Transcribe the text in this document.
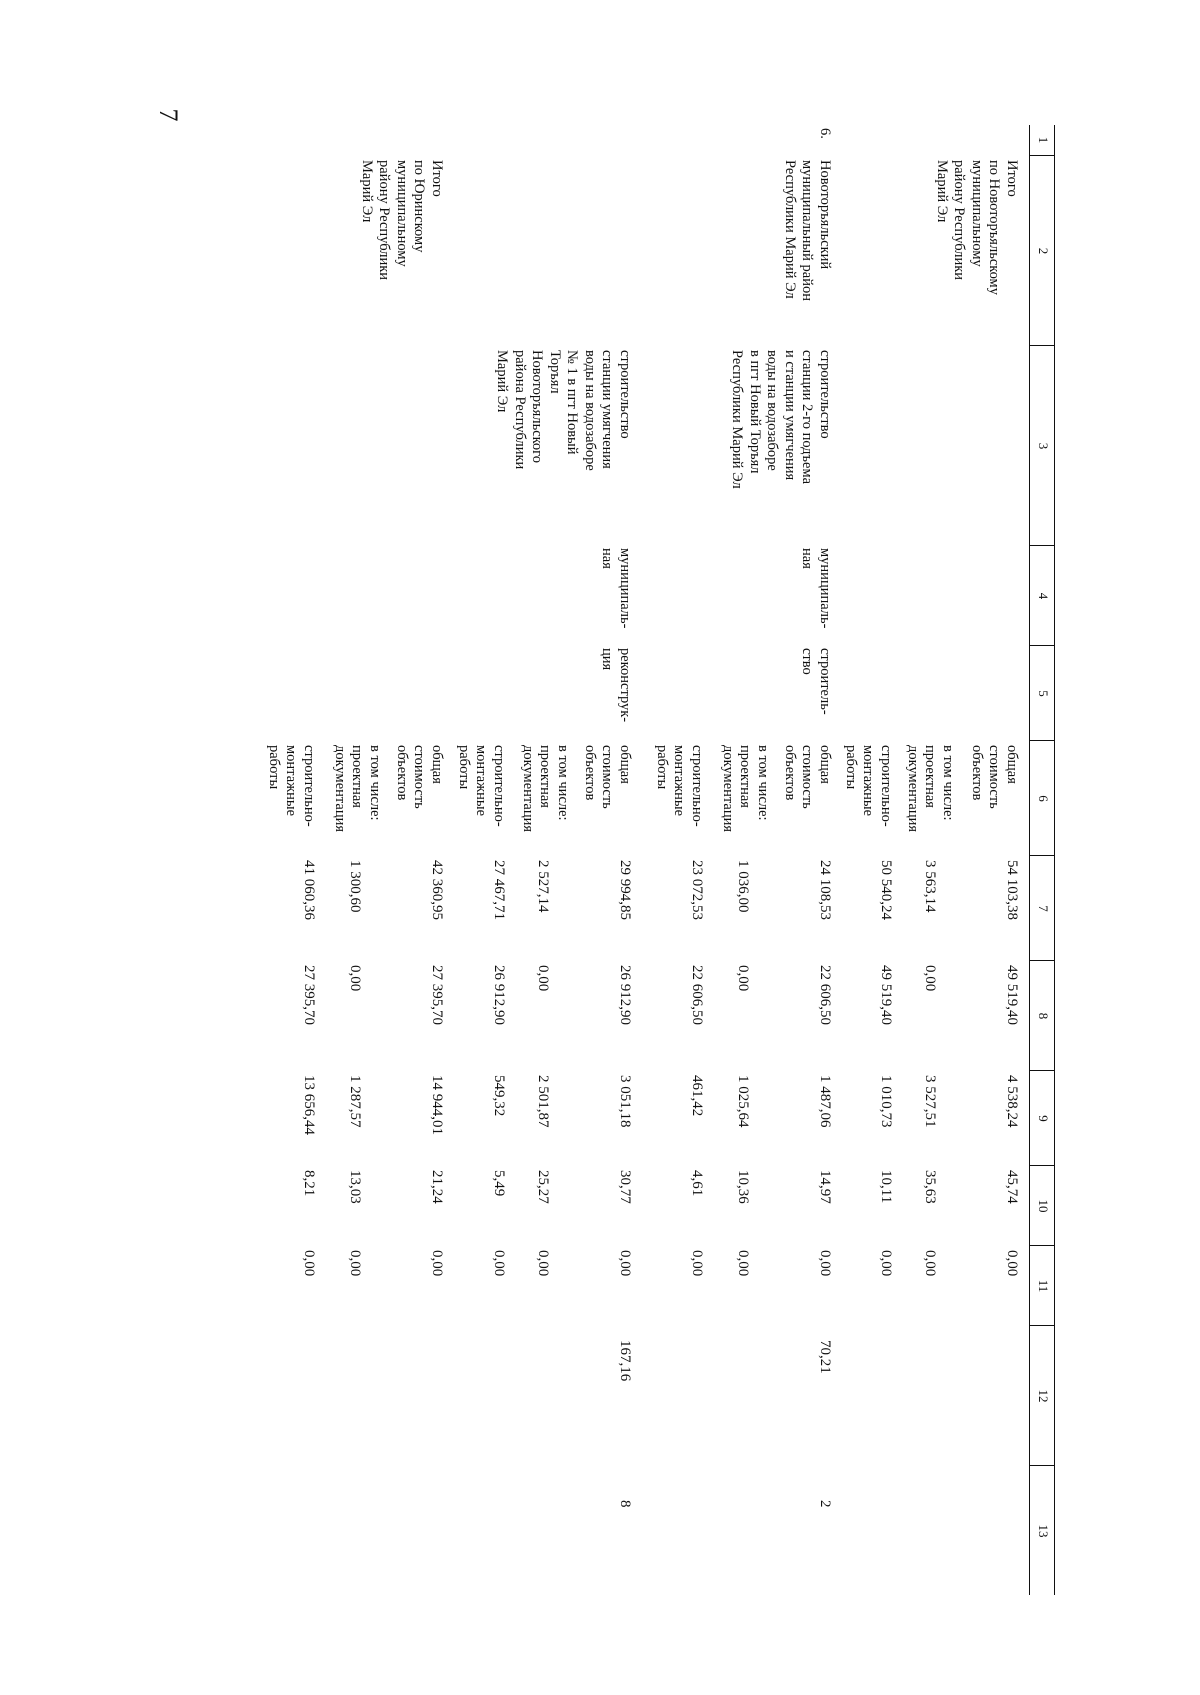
7
1
2
3
4
5
6
7
8
9
10
11
12
13
Итого
по Новоторъяльскому
муниципальному
району Республики
Марий Эл
общая
стоимость
объектов
54 103,38
49 519,40
4 538,24
45,74
0,00
в том числе:
проектная
документация
3 563,14
0,00
3 527,51
35,63
0,00
строительно-
монтажные
работы
50 540,24
49 519,40
1 010,73
10,11
0,00
6.
Новоторъяльский
муниципальный район
Республики Марий Эл
строительство
станции 2-го подъема
и станции умягчения
воды на водозаборе
в пгт Новый Торъял
Республики Марий Эл
муниципаль-
ная
строитель-
ство
общая
стоимость
объектов
24 108,53
22 606,50
1 487,06
14,97
0,00
70,21
2
в том числе:
проектная
документация
1 036,00
0,00
1 025,64
10,36
0,00
строительно-
монтажные
работы
23 072,53
22 606,50
461,42
4,61
0,00
строительство
станции умягчения
воды на водозаборе
№ 1 в пгт Новый
Торъял
Новоторъяльского
района Республики
Марий Эл
муниципаль-
ная
реконструк-
ция
общая
стоимость
объектов
29 994,85
26 912,90
3 051,18
30,77
0,00
167,16
8
в том числе:
проектная
документация
2 527,14
0,00
2 501,87
25,27
0,00
строительно-
монтажные
работы
27 467,71
26 912,90
549,32
5,49
0,00
Итого
по Юринскому
муниципальному
району Республики
Марий Эл
общая
стоимость
объектов
42 360,95
27 395,70
14 944,01
21,24
0,00
в том числе:
проектная
документация
1 300,60
0,00
1 287,57
13,03
0,00
строительно-
монтажные
работы
41 060,36
27 395,70
13 656,44
8,21
0,00
